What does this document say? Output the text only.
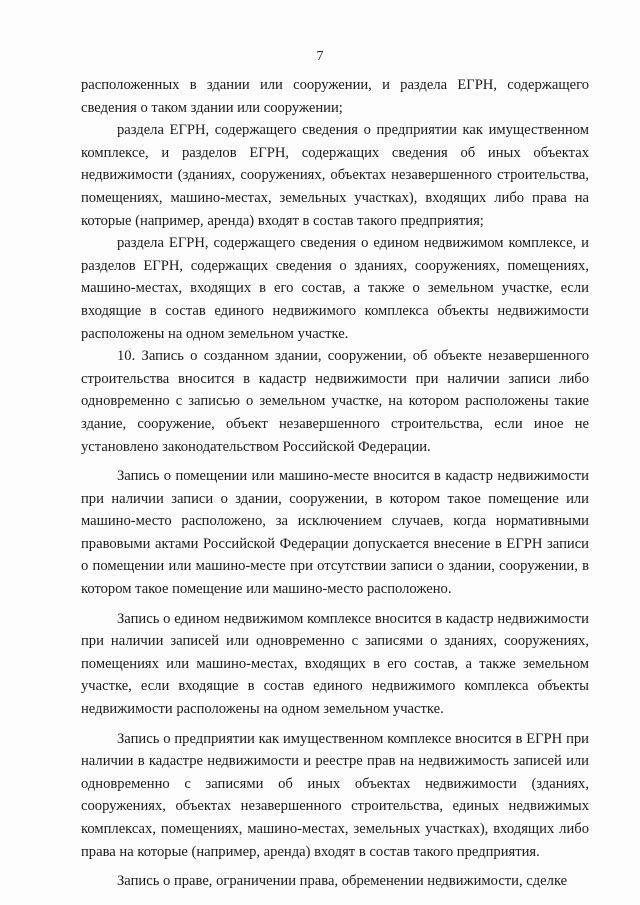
7

расположенных в здании или сооружении, и раздела ЕГРН, содержащего сведения о таком здании или сооружении;

раздела ЕГРН, содержащего сведения о предприятии как имущественном комплексе, и разделов ЕГРН, содержащих сведения об иных объектах недвижимости (зданиях, сооружениях, объектах незавершенного строительства, помещениях, машино-местах, земельных участках), входящих либо права на которые (например, аренда) входят в состав такого предприятия;

раздела ЕГРН, содержащего сведения о едином недвижимом комплексе, и разделов ЕГРН, содержащих сведения о зданиях, сооружениях, помещениях, машино-местах, входящих в его состав, а также о земельном участке, если входящие в состав единого недвижимого комплекса объекты недвижимости расположены на одном земельном участке.

10. Запись о созданном здании, сооружении, об объекте незавершенного строительства вносится в кадастр недвижимости при наличии записи либо одновременно с записью о земельном участке, на котором расположены такие здание, сооружение, объект незавершенного строительства, если иное не установлено законодательством Российской Федерации.

Запись о помещении или машино-месте вносится в кадастр недвижимости при наличии записи о здании, сооружении, в котором такое помещение или машино-место расположено, за исключением случаев, когда нормативными правовыми актами Российской Федерации допускается внесение в ЕГРН записи о помещении или машино-месте при отсутствии записи о здании, сооружении, в котором такое помещение или машино-место расположено.

Запись о едином недвижимом комплексе вносится в кадастр недвижимости при наличии записей или одновременно с записями о зданиях, сооружениях, помещениях или машино-местах, входящих в его состав, а также земельном участке, если входящие в состав единого недвижимого комплекса объекты недвижимости расположены на одном земельном участке.

Запись о предприятии как имущественном комплексе вносится в ЕГРН при наличии в кадастре недвижимости и реестре прав на недвижимость записей или одновременно с записями об иных объектах недвижимости (зданиях, сооружениях, объектах незавершенного строительства, единых недвижимых комплексах, помещениях, машино-местах, земельных участках), входящих либо права на которые (например, аренда) входят в состав такого предприятия.

Запись о праве, ограничении права, обременении недвижимости, сделке
